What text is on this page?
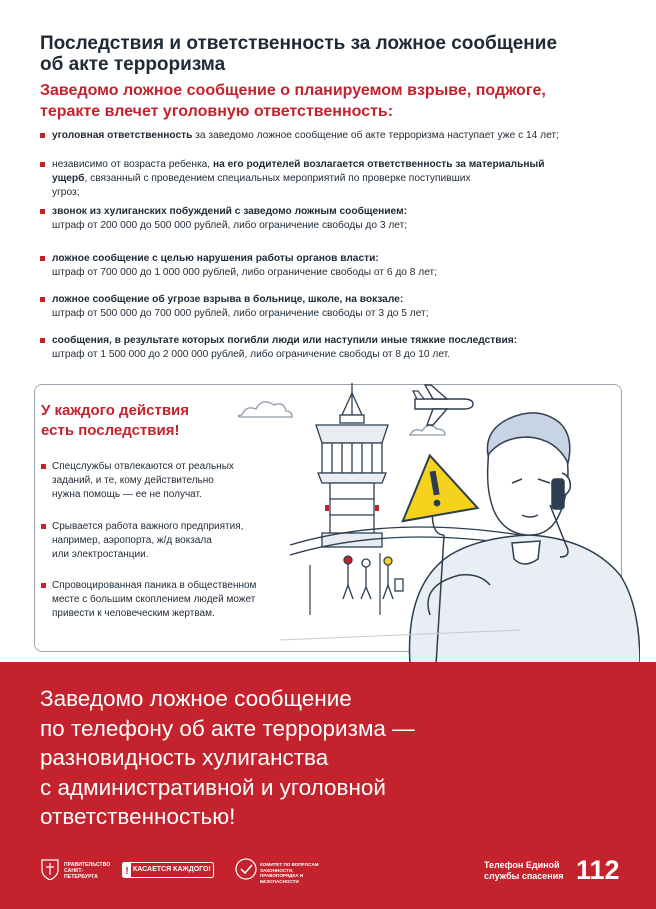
Последствия и ответственность за ложное сообщение
об акте терроризма
Заведомо ложное сообщение о планируемом взрыве, поджоге,
теракте влечет уголовную ответственность:
уголовная ответственность за заведомо ложное сообщение об акте терроризма наступает уже с 14 лет;
независимо от возраста ребенка, на его родителей возлагается ответственность за материальный
ущерб, связанный с проведением специальных мероприятий по проверке поступивших
угроз;
звонок из хулиганских побуждений с заведомо ложным сообщением:
штраф от 200 000 до 500 000 рублей, либо ограничение свободы до 3 лет;
ложное сообщение с целью нарушения работы органов власти:
штраф от 700 000 до 1 000 000 рублей, либо ограничение свободы от 6 до 8 лет;
ложное сообщение об угрозе взрыва в больнице, школе, на вокзале:
штраф от 500 000 до 700 000 рублей, либо ограничение свободы от 3 до 5 лет;
сообщения, в результате которых погибли люди или наступили иные тяжкие последствия:
штраф от 1 500 000 до 2 000 000 рублей, либо ограничение свободы от 8 до 10 лет.
У каждого действия
есть последствия!
Спецслужбы отвлекаются от реальных
заданий, и те, кому действительно
нужна помощь — ее не получат.
Срывается работа важного предприятия,
например, аэропорта, ж/д вокзала
или электростанции.
Спровоцированная паника в общественном
месте с большим скоплением людей может
привести к человеческим жертвам.
Заведомо ложное сообщение
по телефону об акте терроризма —
разновидность хулиганства
с административной и уголовной
ответственностью!
ПРАВИТЕЛЬСТВО САНКТ-ПЕТЕРБУРГА	! КАСАЕТСЯ КАЖДОГО!
КОМИТЕТ ПО ВОПРОСАМ ЗАКОННОСТИ, ПРАВОПОРЯДКА И БЕЗОПАСНОСТИ
Телефон Единой службы спасения 112
